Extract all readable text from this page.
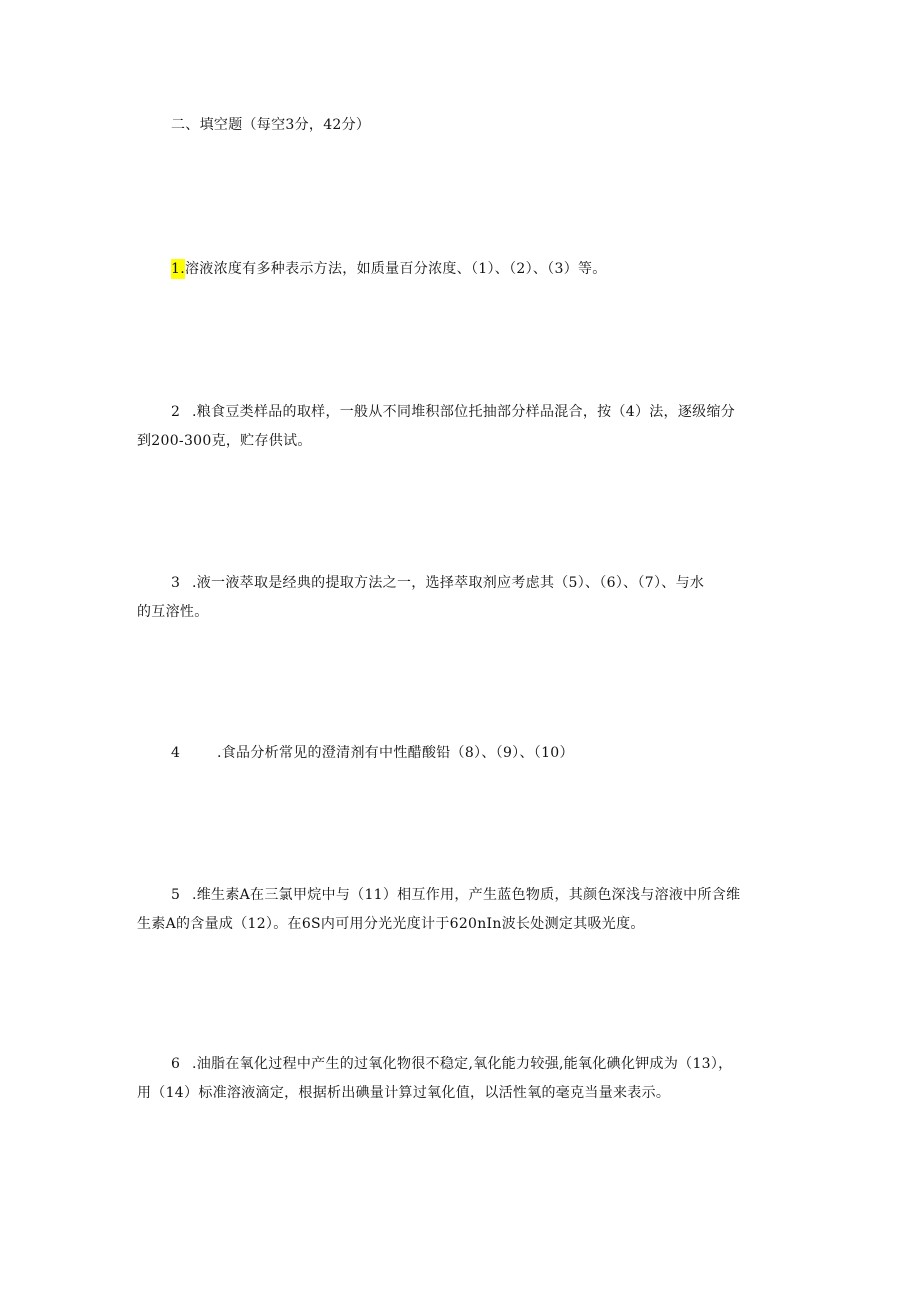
二、填空题（每空3分，42分）
1.溶液浓度有多种表示方法，如质量百分浓度、（1）、（2）、（3）等。
2 .粮食豆类样品的取样，一般从不同堆积部位托抽部分样品混合，按（4）法，逐级缩分
到200-300克，贮存供试。
3 .液一液萃取是经典的提取方法之一，选择萃取剂应考虑其（5）、（6）、（7）、与水
的互溶性。
4	.食品分析常见的澄清剂有中性醋酸铅（8）、（9）、（10）
5 .维生素A在三氯甲烷中与（11）相互作用，产生蓝色物质，其颜色深浅与溶液中所含维
生素A的含量成（12）。在6S内可用分光光度计于620nIn波长处测定其吸光度。
6 .油脂在氧化过程中产生的过氧化物很不稳定,氧化能力较强,能氧化碘化钾成为（13），
用（14）标准溶液滴定，根据析出碘量计算过氧化值，以活性氧的毫克当量来表示。
